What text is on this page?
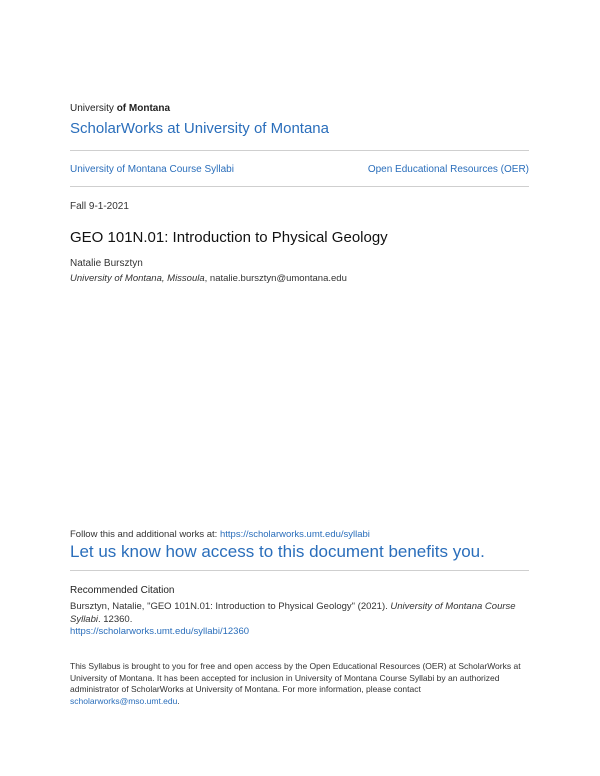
University of Montana
ScholarWorks at University of Montana
University of Montana Course Syllabi	Open Educational Resources (OER)
Fall 9-1-2021
GEO 101N.01: Introduction to Physical Geology
Natalie Bursztyn
University of Montana, Missoula, natalie.bursztyn@umontana.edu
Follow this and additional works at: https://scholarworks.umt.edu/syllabi
Let us know how access to this document benefits you.
Recommended Citation
Bursztyn, Natalie, "GEO 101N.01: Introduction to Physical Geology" (2021). University of Montana Course Syllabi. 12360.
https://scholarworks.umt.edu/syllabi/12360
This Syllabus is brought to you for free and open access by the Open Educational Resources (OER) at ScholarWorks at University of Montana. It has been accepted for inclusion in University of Montana Course Syllabi by an authorized administrator of ScholarWorks at University of Montana. For more information, please contact scholarworks@mso.umt.edu.
